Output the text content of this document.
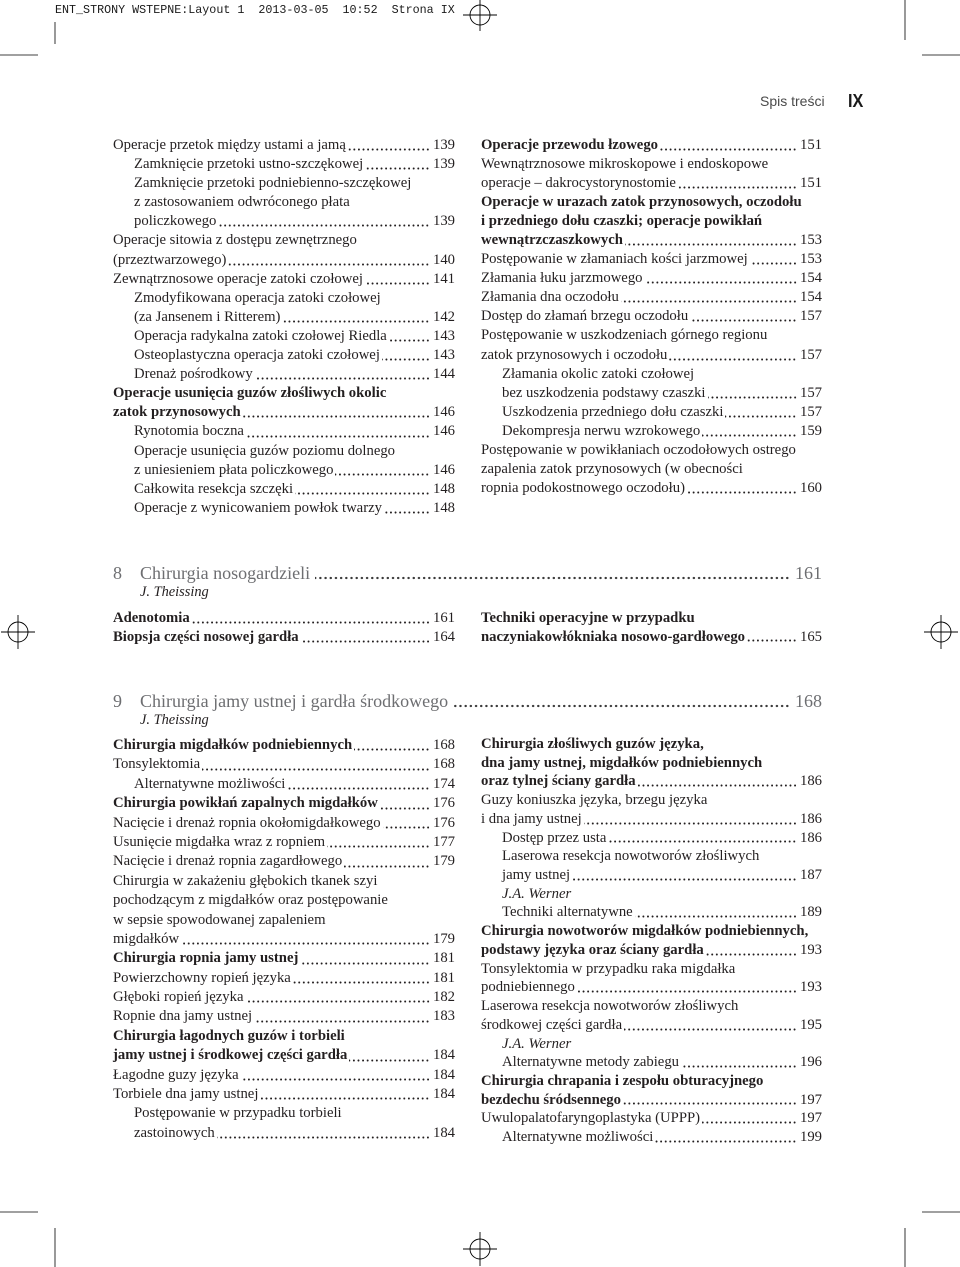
ENT_STRONY WSTEPNE:Layout 1 2013-03-05 10:52 Strona IX
Spis treści IX
Operacje przetok między ustami a jamą	139
Zamknięcie przetoki ustno-szczękowej	139
Zamknięcie przetoki podniebienno-szczękowej
z zastosowaniem odwróconego płata
policzkowego	139
Operacje sitowia z dostępu zewnętrznego
(przeztwarzowego)	140
Zewnątrznosowe operacje zatoki czołowej	141
Zmodyfikowana operacja zatoki czołowej
(za Jansenem i Ritterem)	142
Operacja radykalna zatoki czołowej Riedla	143
Osteoplastyczna operacja zatoki czołowej	143
Drenaż pośrodkowy	144
Operacje usunięcia guzów złośliwych okolic
zatok przynosowych	146
Rynotomia boczna	146
Operacje usunięcia guzów poziomu dolnego
z uniesieniem płata policzkowego	146
Całkowita resekcja szczęki	148
Operacje z wynicowaniem powłok twarzy	148
Operacje przewodu łzowego	151
Wewnątrznosowe mikroskopowe i endoskopowe
operacje – dakrocystorynostomie	151
Operacje w urazach zatok przynosowych, oczodołu
i przedniego dołu czaszki; operacje powikłań
wewnątrzczaszkowych	153
Postępowanie w złamaniach kości jarzmowej	153
Złamania łuku jarzmowego	154
Złamania dna oczodołu	154
Dostęp do złamań brzegu oczodołu	157
Postępowanie w uszkodzeniach górnego regionu
zatok przynosowych i oczodołu	157
Złamania okolic zatoki czołowej
bez uszkodzenia podstawy czaszki	157
Uszkodzenia przedniego dołu czaszki	157
Dekompresja nerwu wzrokowego	159
Postępowanie w powikłaniach oczodołowych ostrego
zapalenia zatok przynosowych (w obecności
ropnia podokostnowego oczodołu)	160
8	Chirurgia nosogardzieli	161
J. Theissing
Adenotomia	161
Biopsja części nosowej gardła	164
Techniki operacyjne w przypadku
naczyniakowłókniaka nosowo-gardłowego	165
9	Chirurgia jamy ustnej i gardła środkowego	168
J. Theissing
Chirurgia migdałków podniebiennych	168
Tonsylektomia	168
Alternatywne możliwości	174
Chirurgia powikłań zapalnych migdałków	176
Nacięcie i drenaż ropnia okołomigdałkowego	176
Usunięcie migdałka wraz z ropniem	177
Nacięcie i drenaż ropnia zagardłowego	179
Chirurgia w zakażeniu głębokich tkanek szyi
pochodzącym z migdałków oraz postępowanie
w sepsie spowodowanej zapaleniem
migdałków	179
Chirurgia ropnia jamy ustnej	181
Powierzchowny ropień języka	181
Głęboki ropień języka	182
Ropnie dna jamy ustnej	183
Chirurgia łagodnych guzów i torbieli
jamy ustnej i środkowej części gardła	184
Łagodne guzy języka	184
Torbiele dna jamy ustnej	184
Postępowanie w przypadku torbieli
zastoinowych	184
Chirurgia złośliwych guzów języka,
dna jamy ustnej, migdałków podniebiennych
oraz tylnej ściany gardła	186
Guzy koniuszka języka, brzegu języka
i dna jamy ustnej	186
Dostęp przez usta	186
Laserowa resekcja nowotworów złośliwych
jamy ustnej	187
J.A. Werner
Techniki alternatywne	189
Chirurgia nowotworów migdałków podniebiennych,
podstawy języka oraz ściany gardła	193
Tonsylektomia w przypadku raka migdałka
podniebiennego	193
Laserowa resekcja nowotworów złośliwych
środkowej części gardła	195
J.A. Werner
Alternatywne metody zabiegu	196
Chirurgia chrapania i zespołu obturacyjnego
bezdechu śródsennego	197
Uwulopalatofaryngoplastyka (UPPP)	197
Alternatywne możliwości	199
